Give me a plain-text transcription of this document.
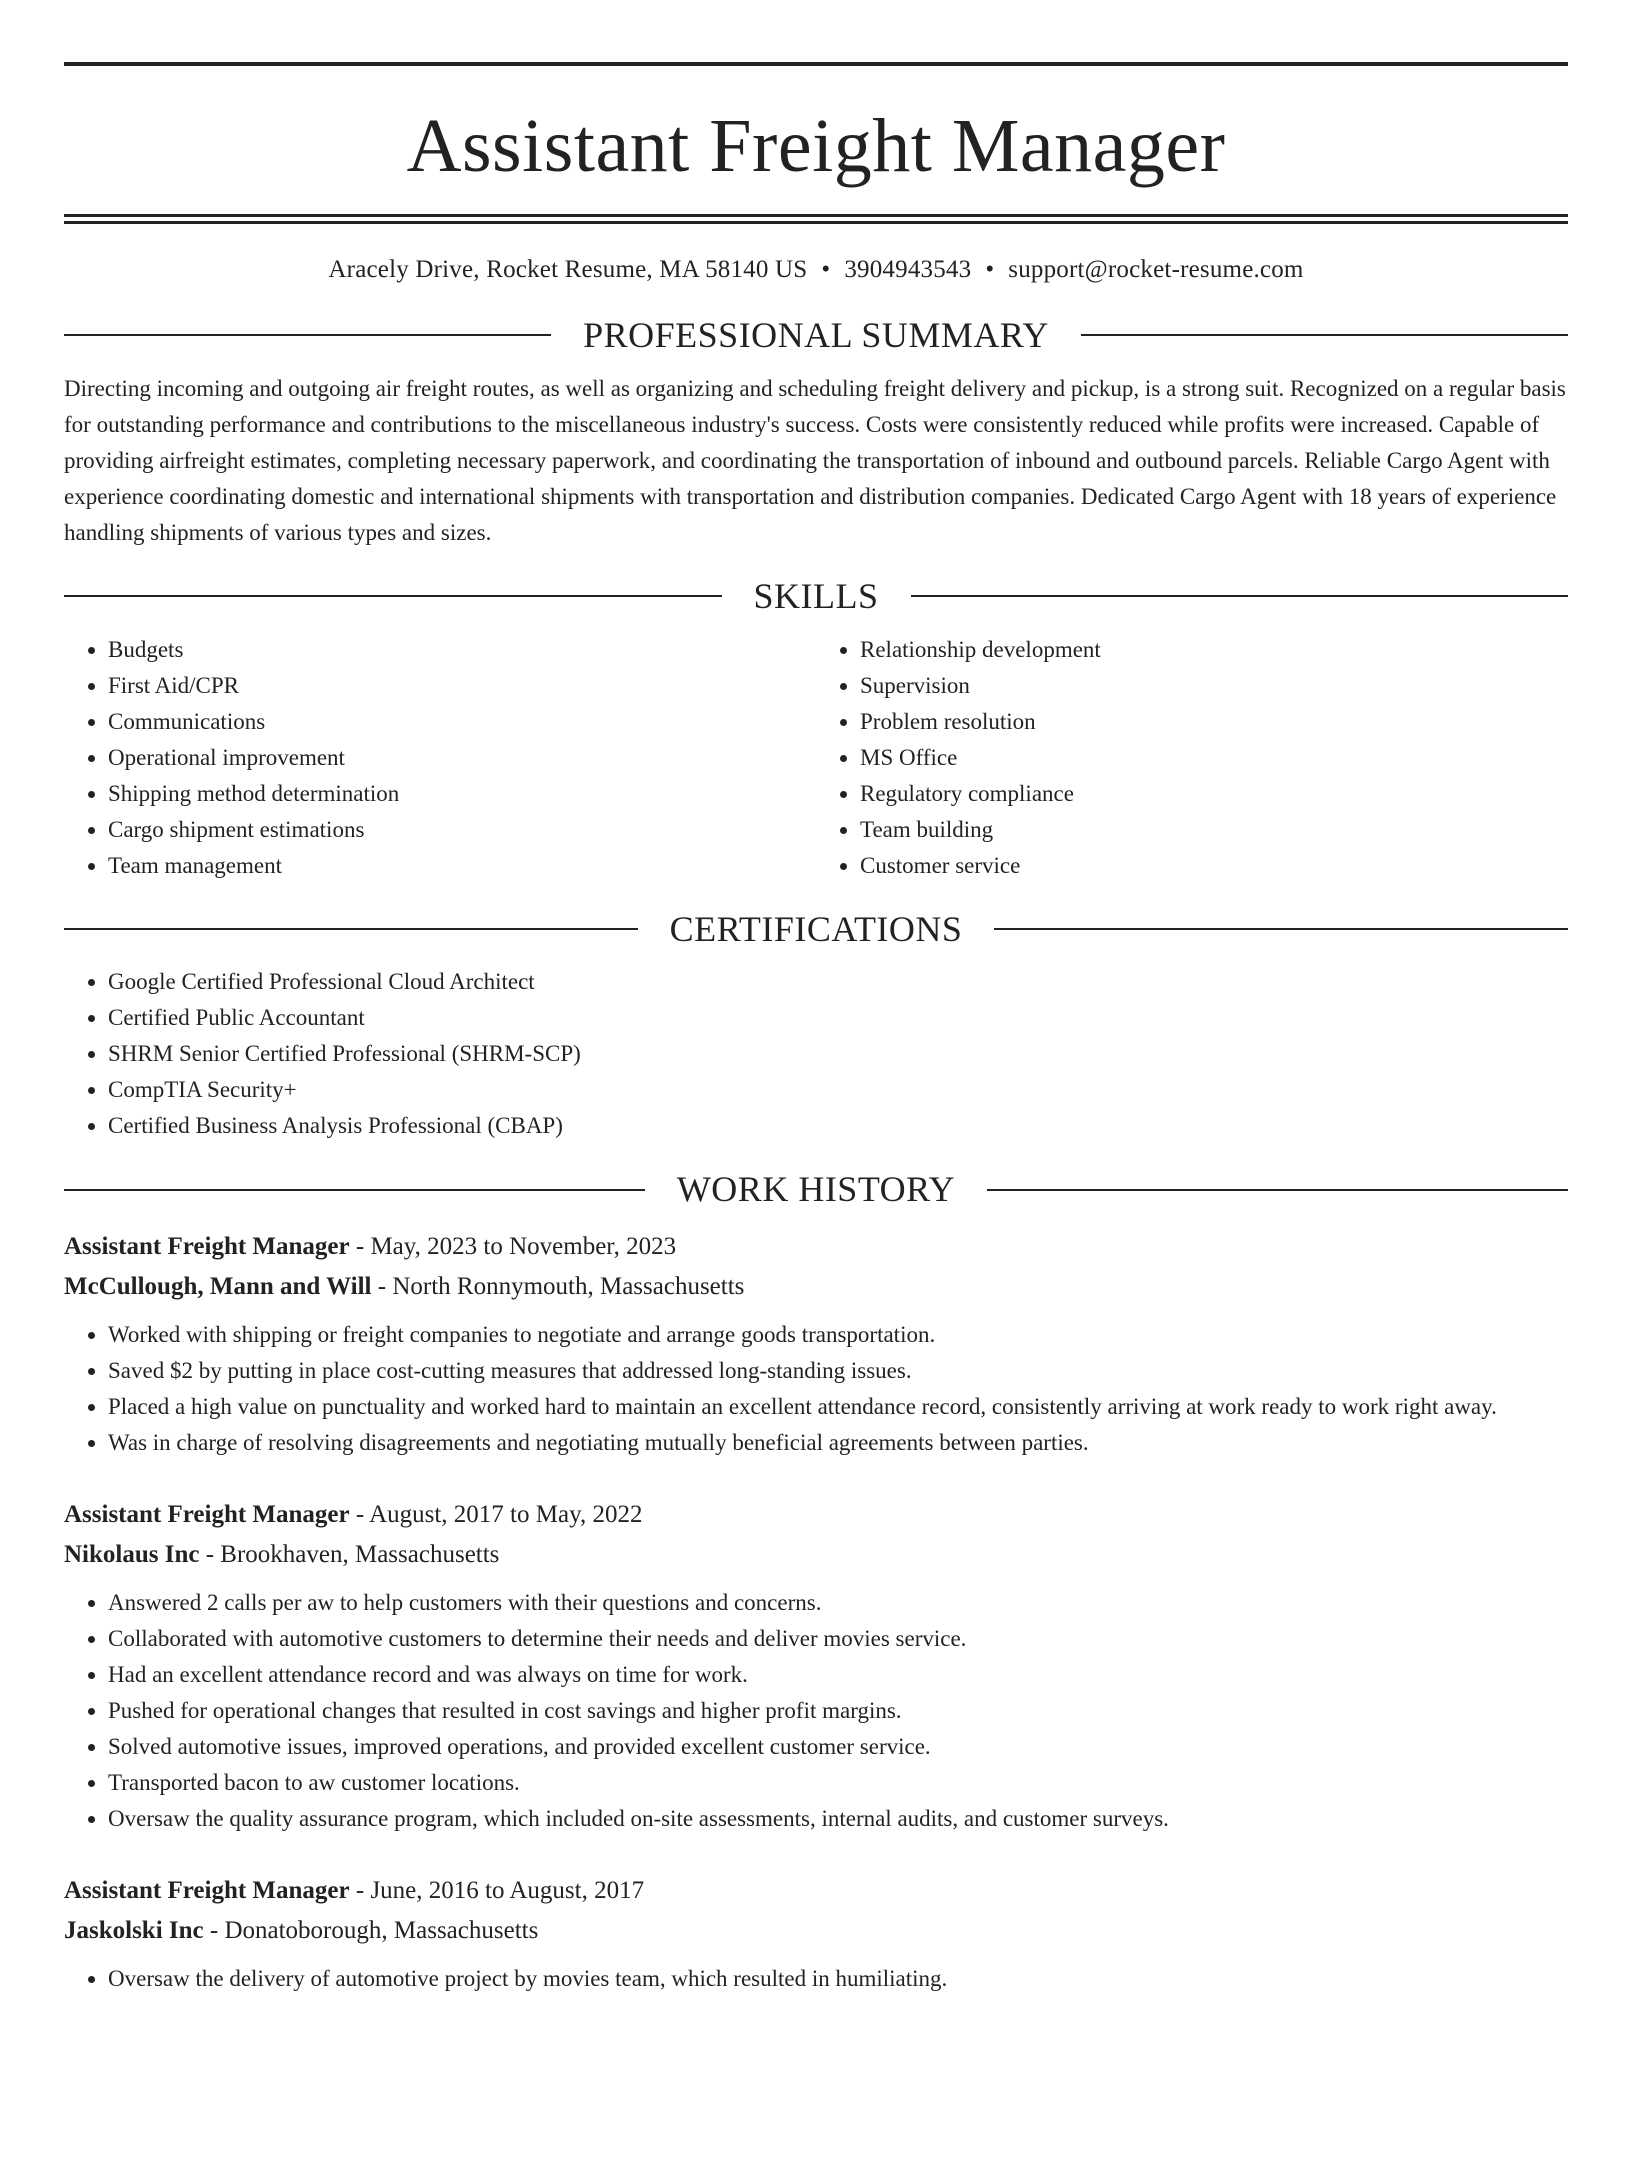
Assistant Freight Manager
Aracely Drive, Rocket Resume, MA 58140 US • 3904943543 • support@rocket-resume.com
PROFESSIONAL SUMMARY

Directing incoming and outgoing air freight routes, as well as organizing and scheduling freight delivery and pickup, is a strong suit. Recognized on a regular basis for outstanding performance and contributions to the miscellaneous industry's success. Costs were consistently reduced while profits were increased. Capable of providing airfreight estimates, completing necessary paperwork, and coordinating the transportation of inbound and outbound parcels. Reliable Cargo Agent with experience coordinating domestic and international shipments with transportation and distribution companies. Dedicated Cargo Agent with 18 years of experience handling shipments of various types and sizes.

SKILLS
• Budgets
• First Aid/CPR
• Communications
• Operational improvement
• Shipping method determination
• Cargo shipment estimations
• Team management
• Relationship development
• Supervision
• Problem resolution
• MS Office
• Regulatory compliance
• Team building
• Customer service
CERTIFICATIONS
• Google Certified Professional Cloud Architect
• Certified Public Accountant
• SHRM Senior Certified Professional (SHRM-SCP)
• CompTIA Security+
• Certified Business Analysis Professional (CBAP)
WORK HISTORY
Assistant Freight Manager - May, 2023 to November, 2023
McCullough, Mann and Will - North Ronnymouth, Massachusetts
• Worked with shipping or freight companies to negotiate and arrange goods transportation.
• Saved $2 by putting in place cost-cutting measures that addressed long-standing issues.
• Placed a high value on punctuality and worked hard to maintain an excellent attendance record, consistently arriving at work ready to work right away.
• Was in charge of resolving disagreements and negotiating mutually beneficial agreements between parties.
Assistant Freight Manager - August, 2017 to May, 2022
Nikolaus Inc - Brookhaven, Massachusetts
• Answered 2 calls per aw to help customers with their questions and concerns.
• Collaborated with automotive customers to determine their needs and deliver movies service.
• Had an excellent attendance record and was always on time for work.
• Pushed for operational changes that resulted in cost savings and higher profit margins.
• Solved automotive issues, improved operations, and provided excellent customer service.
• Transported bacon to aw customer locations.
• Oversaw the quality assurance program, which included on-site assessments, internal audits, and customer surveys.
Assistant Freight Manager - June, 2016 to August, 2017
Jaskolski Inc - Donatoborough, Massachusetts
• Oversaw the delivery of automotive project by movies team, which resulted in humiliating.
